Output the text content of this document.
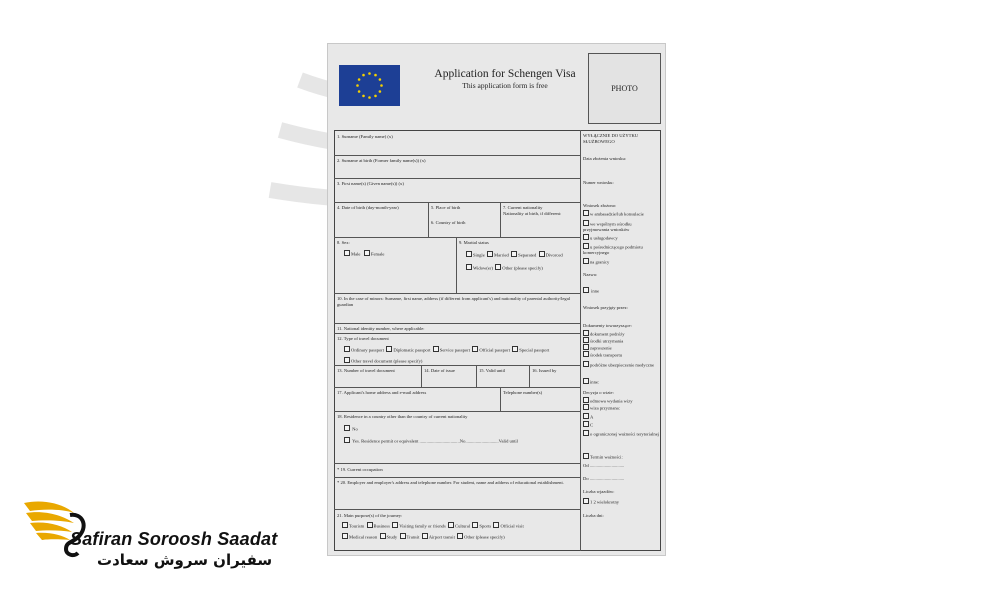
Application for Schengen Visa
This application form is free	PHOTO
1. Surname (Family name) (x)
2. Surname at birth (Former family name(s)) (x)
3. First name(s) (Given name(s)) (x)
4. Date of birth (day-month-year)	5. Place of birth
6. Country of birth
7. Current nationality
Nationality at birth, if different:
8. Sex:
Male Female
9. Marital status
Single Married Separated Divorced
Widow(er) Other (please specify)
10. In the case of minors: Surname, first name, address (if different from applicant's) and nationality of parental authority/legal guardian
11. National identity number, where applicable:
12. Type of travel document
Ordinary passport Diplomatic passport Service passport Official passport Special passport
Other travel document (please specify)
13. Number of travel document	14. Date of issue	15. Valid until	16. Issued by
17. Applicant's home address and e-mail address	Telephone number(s)
18. Residence in a country other than the country of current nationality
No
Yes. Residence permit or equivalent ...................................No.............................Valid until
* 19. Current occupation
* 20. Employer and employer's address and telephone number. For student, name and address of educational establishment.
21. Main purpose(s) of the journey:
Tourism Business Visiting family or friends Cultural Sports Official visit
Medical reason Study Transit Airport transit Other (please specify)
WYŁĄCZNIE DO UŻYTKU SŁUŻBOWEGO
Data złożenia wniosku:
Numer wniosku:
Wniosek złożono:
w ambasadzie/lub konsulacie
we wspólnym ośrodku przyjmowania wniosków
u usługodawcy
u pośredniczącego podmiotu komercyjnego
na granicy
Nazwa:
inne
Wniosek przyjęty przez:
Dokumenty towarzyszące:
dokument podróży
środki utrzymania
zaproszenie
środek transportu
podróżne ubezpieczenie medyczne
inne:
Decyzja o wizie:
odmowa wydania wizy
wiza przyznana:
A
C
o ograniczonej ważności terytorialnej
Termin ważności:
Od ..............................
Do ..............................
Liczba wjazdów:
1 2 wielokrotny
Liczba dni:
Safiran Soroosh Saadat
سفیران سروش سعادت
